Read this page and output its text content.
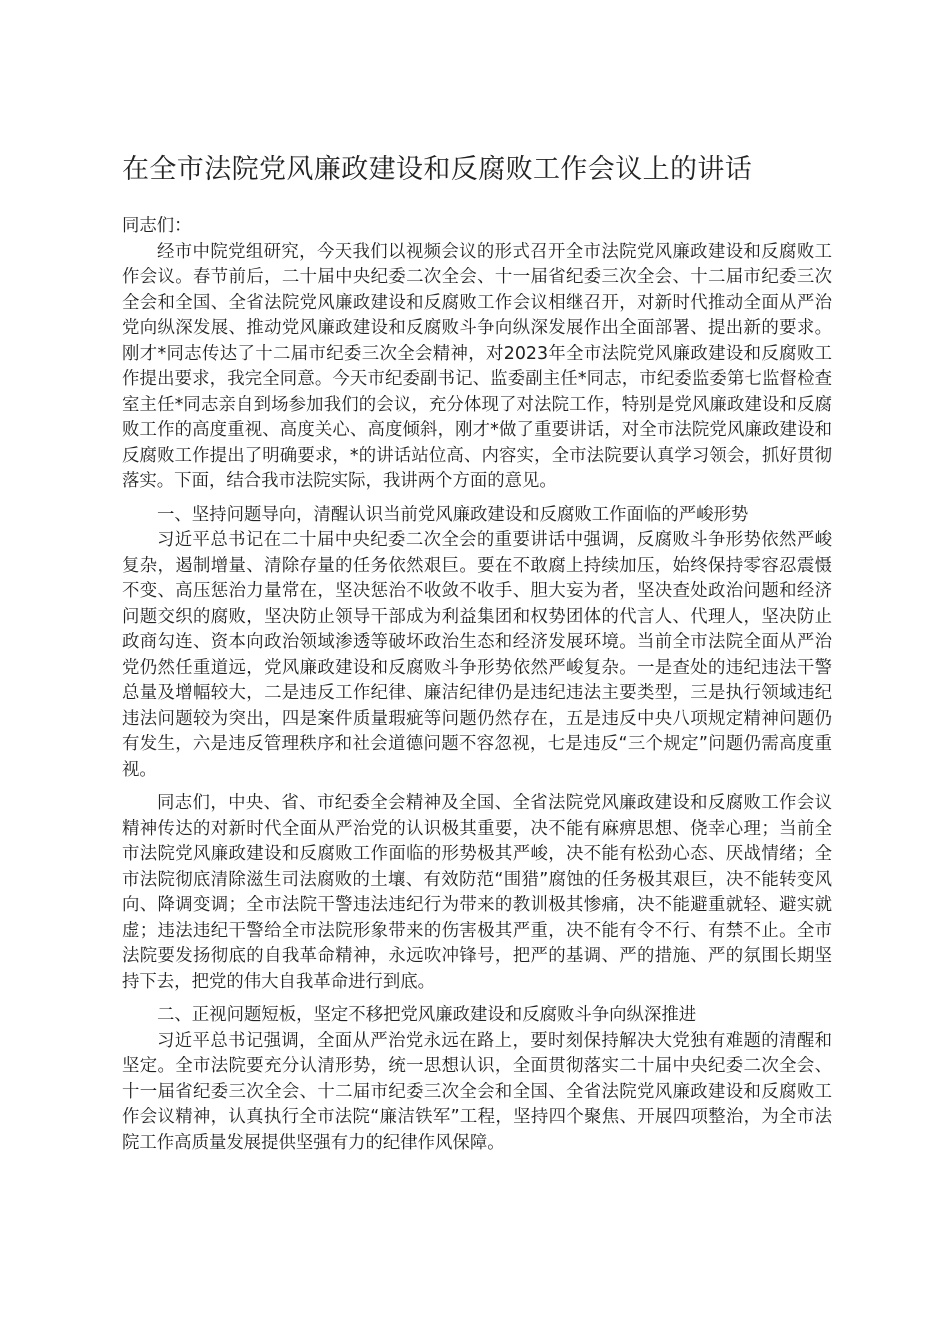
在全市法院党风廉政建设和反腐败工作会议上的讲话

同志们：

经市中院党组研究，今天我们以视频会议的形式召开全市法院党风廉政建设和反腐败工作会议。春节前后，二十届中央纪委二次全会、十一届省纪委三次全会、十二届市纪委三次全会和全国、全省法院党风廉政建设和反腐败工作会议相继召开，对新时代推动全面从严治党向纵深发展、推动党风廉政建设和反腐败斗争向纵深发展作出全面部署、提出新的要求。刚才*同志传达了十二届市纪委三次全会精神，对2023年全市法院党风廉政建设和反腐败工作提出要求，我完全同意。今天市纪委副书记、监委副主任*同志，市纪委监委第七监督检查室主任*同志亲自到场参加我们的会议，充分体现了对法院工作，特别是党风廉政建设和反腐败工作的高度重视、高度关心、高度倾斜，刚才*做了重要讲话，对全市法院党风廉政建设和反腐败工作提出了明确要求，*的讲话站位高、内容实，全市法院要认真学习领会，抓好贯彻落实。下面，结合我市法院实际，我讲两个方面的意见。

一、坚持问题导向，清醒认识当前党风廉政建设和反腐败工作面临的严峻形势

习近平总书记在二十届中央纪委二次全会的重要讲话中强调，反腐败斗争形势依然严峻复杂，遏制增量、清除存量的任务依然艰巨。要在不敢腐上持续加压，始终保持零容忍震慑不变、高压惩治力量常在，坚决惩治不收敛不收手、胆大妄为者，坚决查处政治问题和经济问题交织的腐败，坚决防止领导干部成为利益集团和权势团体的代言人、代理人，坚决防止政商勾连、资本向政治领域渗透等破坏政治生态和经济发展环境。当前全市法院全面从严治党仍然任重道远，党风廉政建设和反腐败斗争形势依然严峻复杂。一是查处的违纪违法干警总量及增幅较大，二是违反工作纪律、廉洁纪律仍是违纪违法主要类型，三是执行领域违纪违法问题较为突出，四是案件质量瑕疵等问题仍然存在，五是违反中央八项规定精神问题仍有发生，六是违反管理秩序和社会道德问题不容忽视，七是违反“三个规定”问题仍需高度重视。

同志们，中央、省、市纪委全会精神及全国、全省法院党风廉政建设和反腐败工作会议精神传达的对新时代全面从严治党的认识极其重要，决不能有麻痹思想、侥幸心理；当前全市法院党风廉政建设和反腐败工作面临的形势极其严峻，决不能有松劲心态、厌战情绪；全市法院彻底清除滋生司法腐败的土壤、有效防范“围猎”腐蚀的任务极其艰巨，决不能转变风向、降调变调；全市法院干警违法违纪行为带来的教训极其惨痛，决不能避重就轻、避实就虚；违法违纪干警给全市法院形象带来的伤害极其严重，决不能有令不行、有禁不止。全市法院要发扬彻底的自我革命精神，永远吹冲锋号，把严的基调、严的措施、严的氛围长期坚持下去，把党的伟大自我革命进行到底。

二、正视问题短板，坚定不移把党风廉政建设和反腐败斗争向纵深推进

习近平总书记强调，全面从严治党永远在路上，要时刻保持解决大党独有难题的清醒和坚定。全市法院要充分认清形势，统一思想认识，全面贯彻落实二十届中央纪委二次全会、十一届省纪委三次全会、十二届市纪委三次全会和全国、全省法院党风廉政建设和反腐败工作会议精神，认真执行全市法院“廉洁铁军”工程，坚持四个聚焦、开展四项整治，为全市法院工作高质量发展提供坚强有力的纪律作风保障。
